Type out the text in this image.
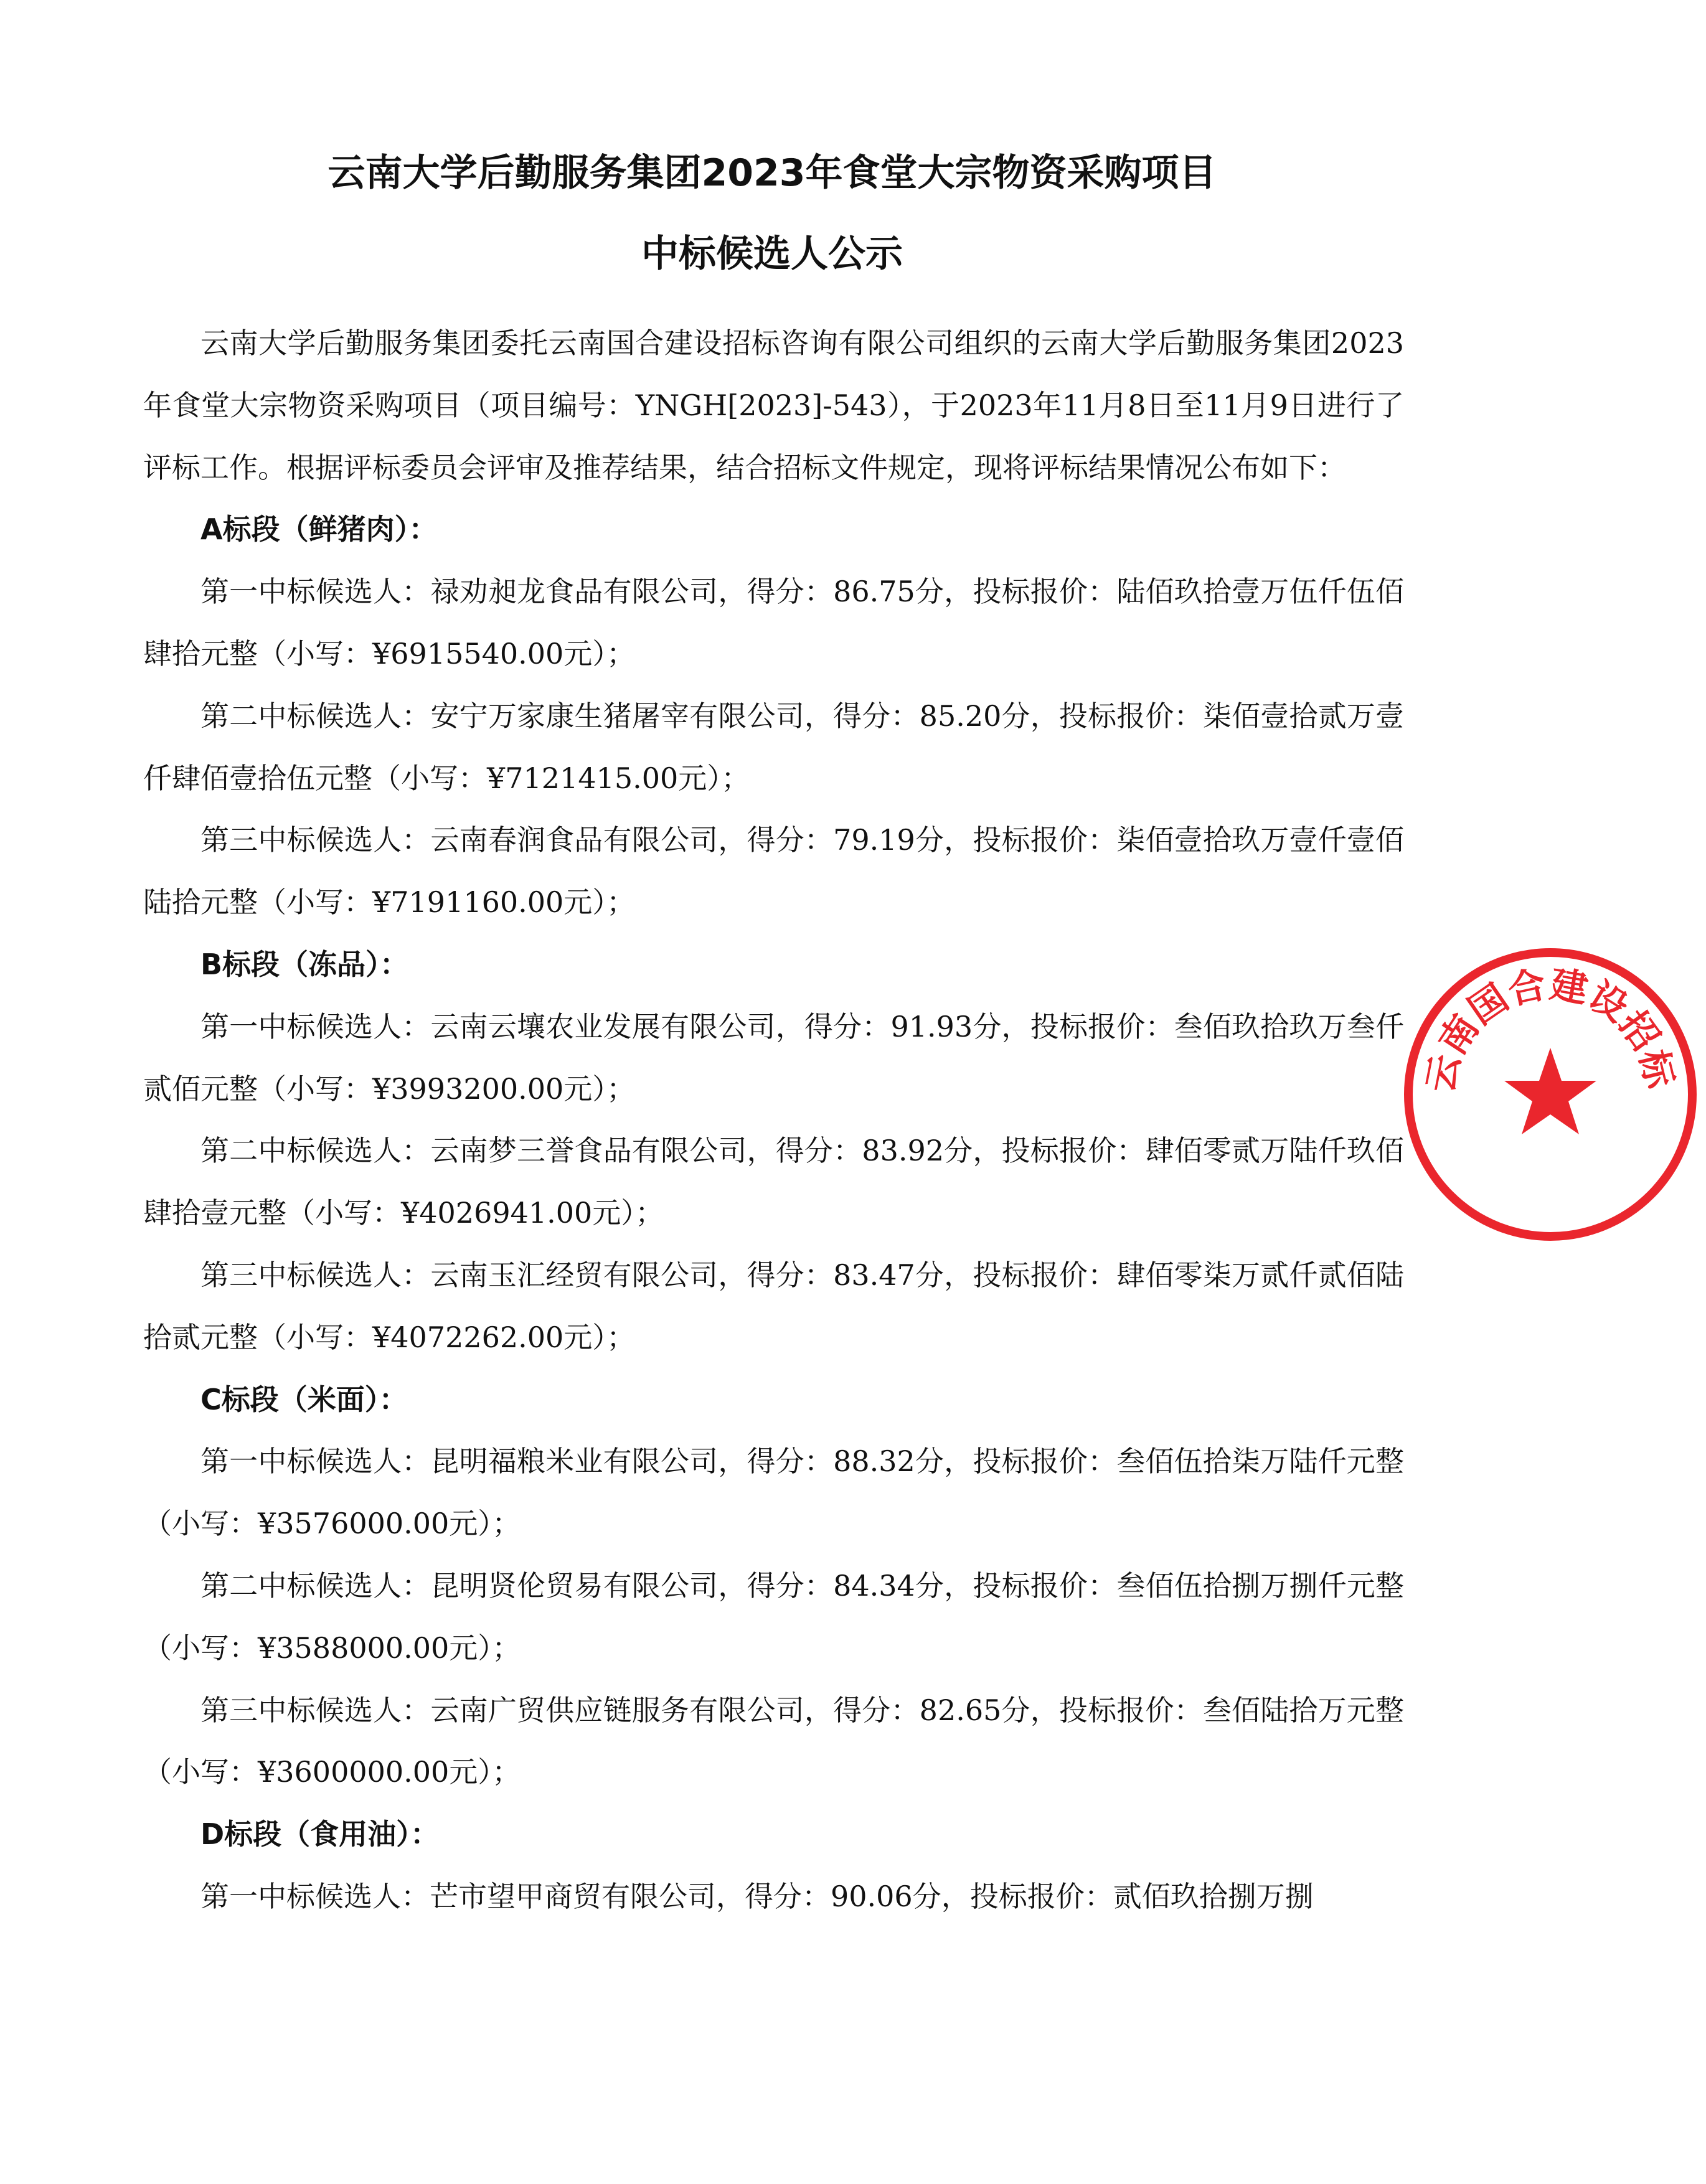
云南大学后勤服务集团2023年食堂大宗物资采购项目
中标候选人公示

云南大学后勤服务集团委托云南国合建设招标咨询有限公司组织的云南大学后勤服务集团2023年食堂大宗物资采购项目（项目编号：YNGH[2023]-543），于2023年11月8日至11月9日进行了评标工作。根据评标委员会评审及推荐结果，结合招标文件规定，现将评标结果情况公布如下：

A标段（鲜猪肉）：

第一中标候选人：禄劝昶龙食品有限公司，得分：86.75分，投标报价：陆佰玖拾壹万伍仟伍佰肆拾元整（小写：¥6915540.00元）；

第二中标候选人：安宁万家康生猪屠宰有限公司，得分：85.20分，投标报价：柒佰壹拾贰万壹仟肆佰壹拾伍元整（小写：¥7121415.00元）；

第三中标候选人：云南春润食品有限公司，得分：79.19分，投标报价：柒佰壹拾玖万壹仟壹佰陆拾元整（小写：¥7191160.00元）；

B标段（冻品）：

第一中标候选人：云南云壤农业发展有限公司，得分：91.93分，投标报价：叁佰玖拾玖万叁仟贰佰元整（小写：¥3993200.00元）；

第二中标候选人：云南梦三誉食品有限公司，得分：83.92分，投标报价：肆佰零贰万陆仟玖佰肆拾壹元整（小写：¥4026941.00元）；

第三中标候选人：云南玉汇经贸有限公司，得分：83.47分，投标报价：肆佰零柒万贰仟贰佰陆拾贰元整（小写：¥4072262.00元）；

C标段（米面）：

第一中标候选人：昆明福粮米业有限公司，得分：88.32分，投标报价：叁佰伍拾柒万陆仟元整（小写：¥3576000.00元）；

第二中标候选人：昆明贤伦贸易有限公司，得分：84.34分，投标报价：叁佰伍拾捌万捌仟元整（小写：¥3588000.00元）；

第三中标候选人：云南广贸供应链服务有限公司，得分：82.65分，投标报价：叁佰陆拾万元整（小写：¥3600000.00元）；

D标段（食用油）：

第一中标候选人：芒市望甲商贸有限公司，得分：90.06分，投标报价：贰佰玖拾捌万捌

云南国合建设招标
